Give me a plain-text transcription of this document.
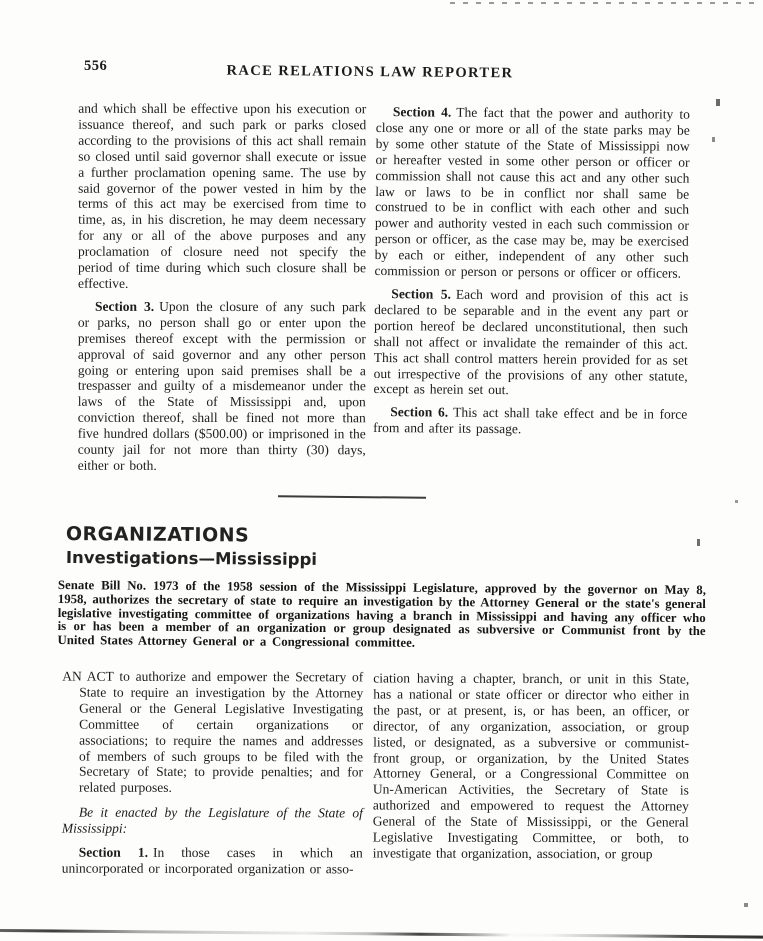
556	RACE RELATIONS LAW REPORTER

and which shall be effective upon his execution or issuance thereof, and such park or parks closed according to the provisions of this act shall remain so closed until said governor shall execute or issue a further proclamation opening same. The use by said governor of the power vested in him by the terms of this act may be exercised from time to time, as, in his discretion, he may deem necessary for any or all of the above purposes and any proclamation of closure need not specify the period of time during which such closure shall be effective.

Section 3. Upon the closure of any such park or parks, no person shall go or enter upon the premises thereof except with the permission or approval of said governor and any other person going or entering upon said premises shall be a trespasser and guilty of a misdemeanor under the laws of the State of Mississippi and, upon conviction thereof, shall be fined not more than five hundred dollars ($500.00) or imprisoned in the county jail for not more than thirty (30) days, either or both.

Section 4. The fact that the power and authority to close any one or more or all of the state parks may be by some other statute of the State of Mississippi now or hereafter vested in some other person or officer or commission shall not cause this act and any other such law or laws to be in conflict nor shall same be construed to be in conflict with each other and such power and authority vested in each such commission or person or officer, as the case may be, may be exercised by each or either, independent of any other such commission or person or persons or officer or officers.

Section 5. Each word and provision of this act is declared to be separable and in the event any part or portion hereof be declared unconstitutional, then such shall not affect or invalidate the remainder of this act. This act shall control matters herein provided for as set out irrespective of the provisions of any other statute, except as herein set out.

Section 6. This act shall take effect and be in force from and after its passage.

ORGANIZATIONS
Investigations—Mississippi

Senate Bill No. 1973 of the 1958 session of the Mississippi Legislature, approved by the governor on May 8, 1958, authorizes the secretary of state to require an investigation by the Attorney General or the state's general legislative investigating committee of organizations having a branch in Mississippi and having any officer who is or has been a member of an organization or group designated as subversive or Communist front by the United States Attorney General or a Congressional committee.

AN ACT to authorize and empower the Secretary of State to require an investigation by the Attorney General or the General Legislative Investigating Committee of certain organizations or associations; to require the names and addresses of members of such groups to be filed with the Secretary of State; to provide penalties; and for related purposes.

Be it enacted by the Legislature of the State of Mississippi:

Section 1. In those cases in which an unincorporated or incorporated organization or asso-

ciation having a chapter, branch, or unit in this State, has a national or state officer or director who either in the past, or at present, is, or has been, an officer, or director, of any organization, association, or group listed, or designated, as a subversive or communist-front group, or organization, by the United States Attorney General, or a Congressional Committee on Un-American Activities, the Secretary of State is authorized and empowered to request the Attorney General of the State of Mississippi, or the General Legislative Investigating Committee, or both, to investigate that organization, association, or group
